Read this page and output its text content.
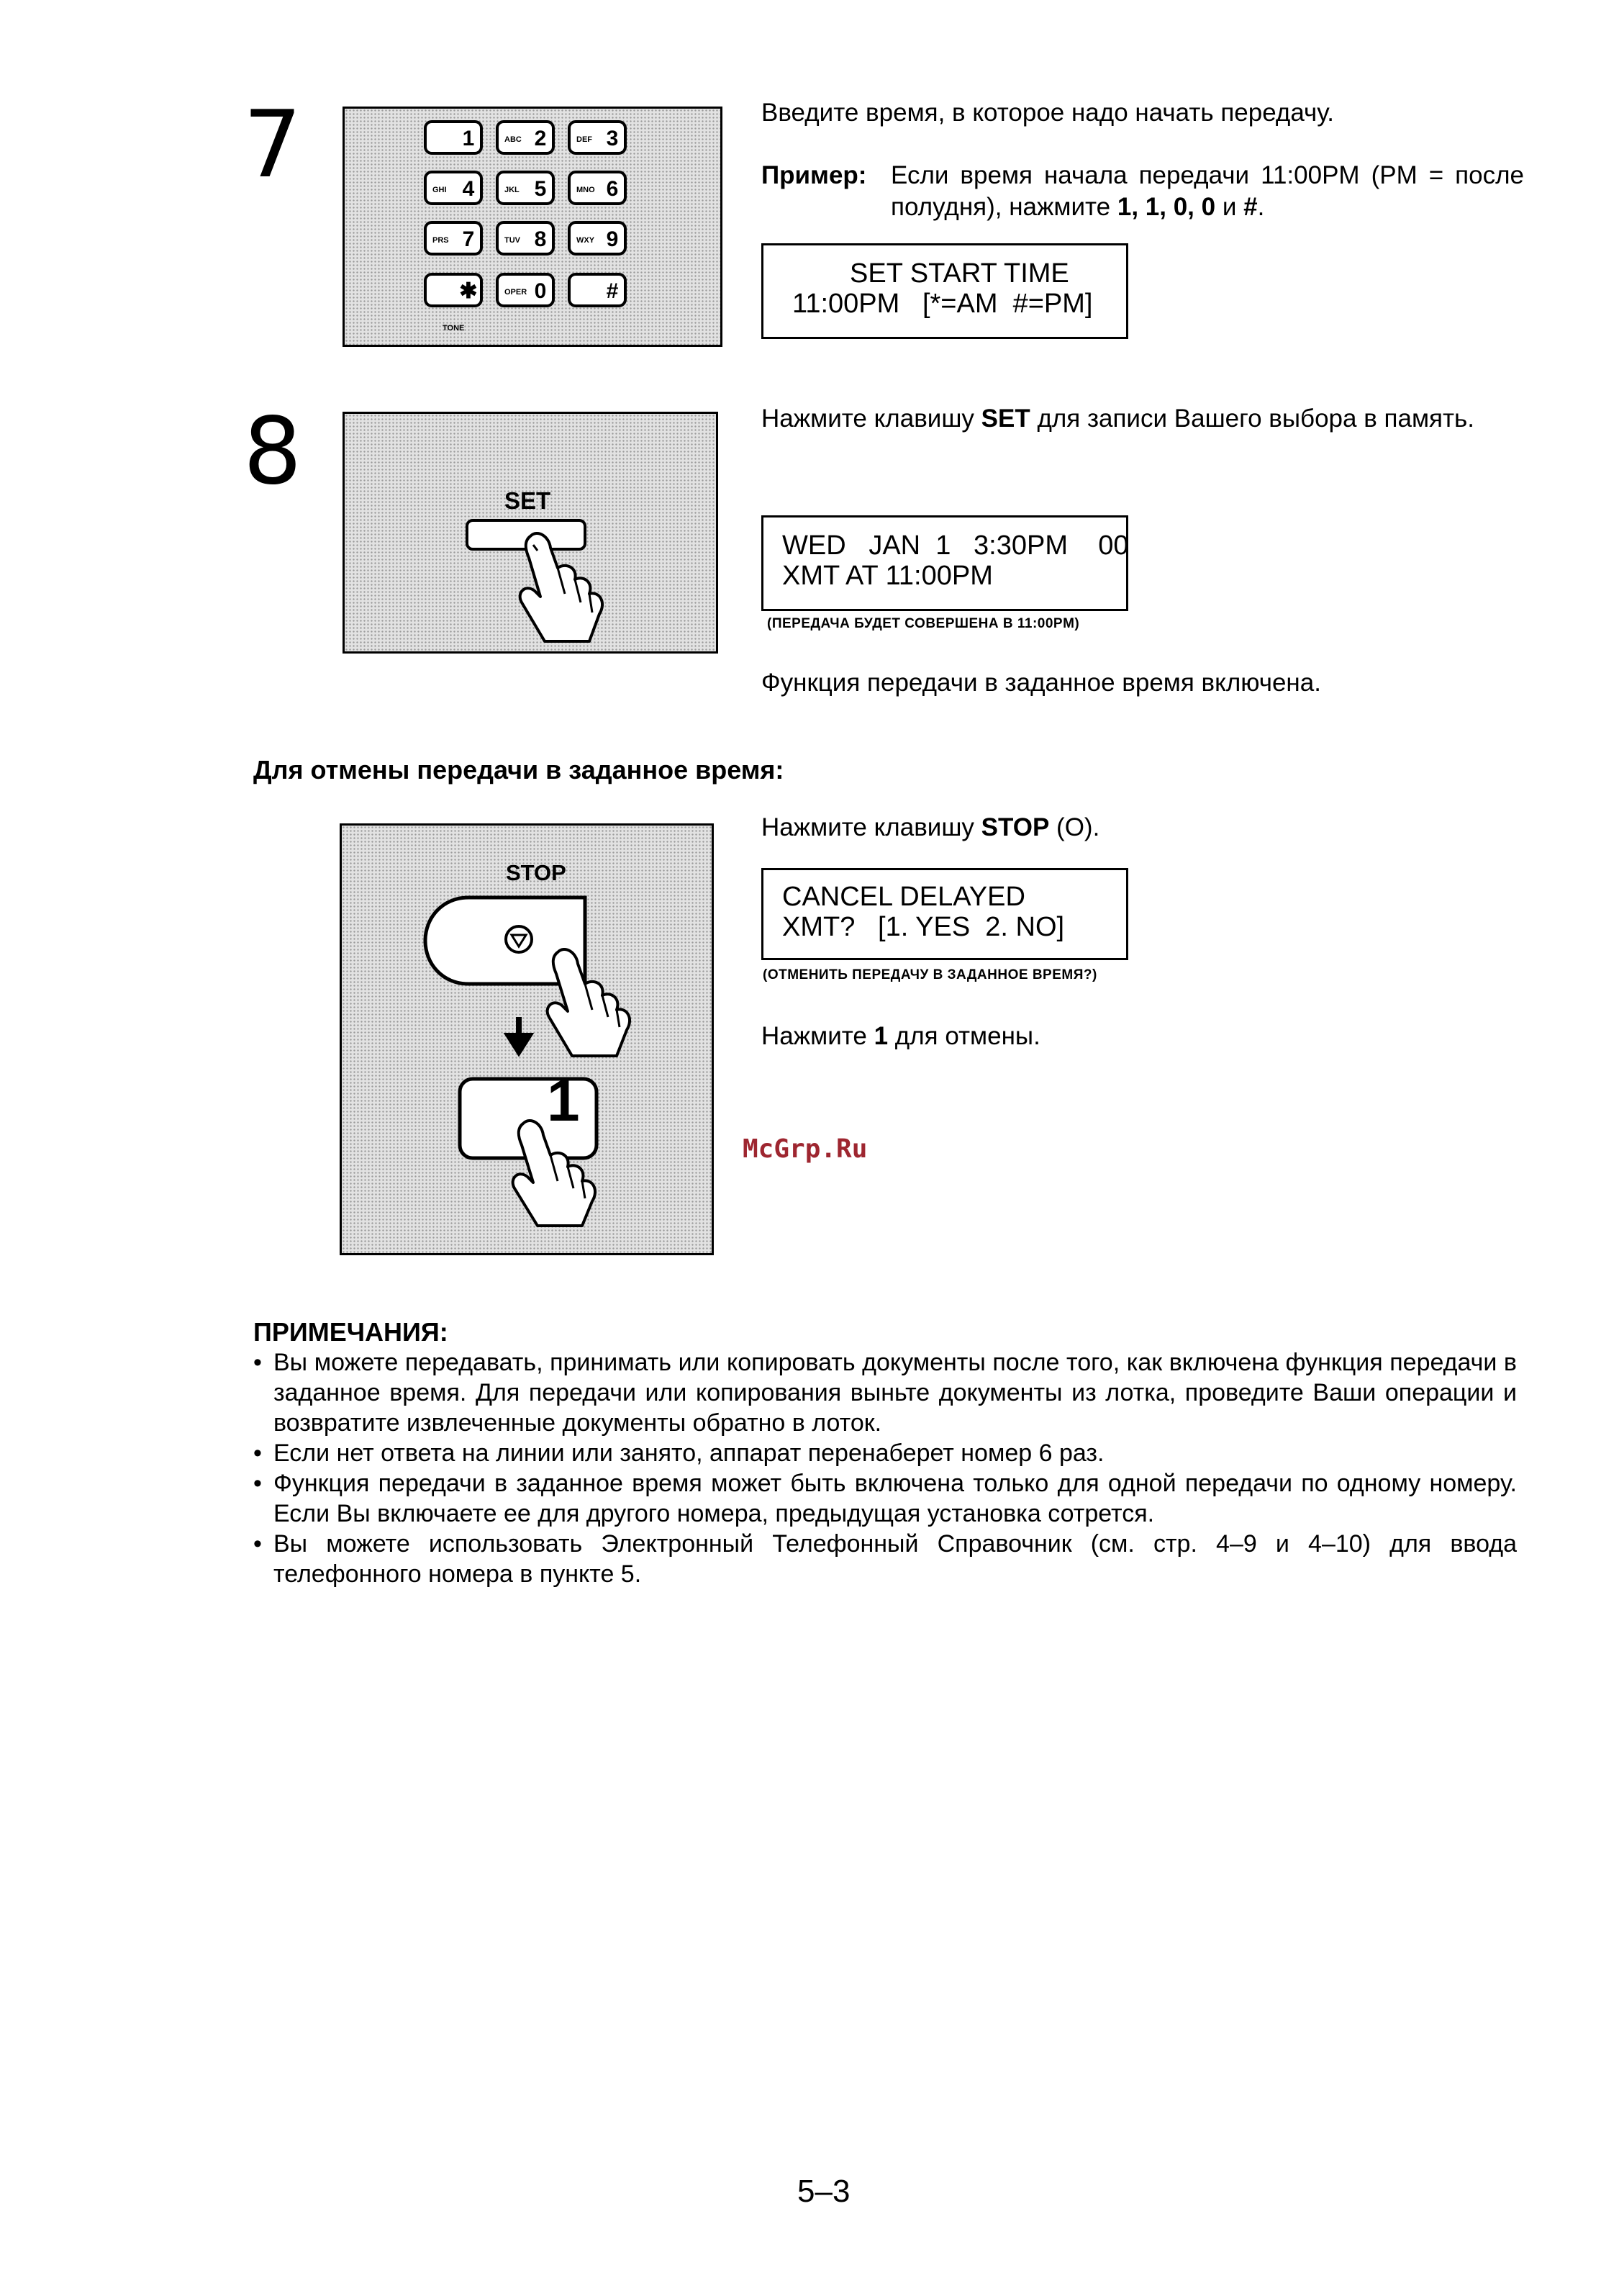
7	1	ABC 2	DEF 3
GHI 4	JKL 5	MNO 6
PRS 7	TUV 8	WXY 9
✱	OPER 0	#
TONE
Введите время, в которое надо начать передачу.
Пример: Если время начала передачи 11:00PM (PM = после полудня), нажмите 1, 1, 0, 0 и #.
SET START TIME
11:00PM   [*=AM  #=PM]
8	SET
Нажмите клавишу SET для записи Вашего выбора в память.
WED   JAN  1   3:30PM    00
XMT AT 11:00PM
(ПЕРЕДАЧА БУДЕТ СОВЕРШЕНА В 11:00PM)
Функция передачи в заданное время включена.
Для отмены передачи в заданное время:
STOP
1
Нажмите клавишу STOP (О).
CANCEL DELAYED
XMT?   [1. YES  2. NO]
(ОТМЕНИТЬ ПЕРЕДАЧУ В ЗАДАННОЕ ВРЕМЯ?)
Нажмите 1 для отмены.
McGrp.Ru
ПРИМЕЧАНИЯ:
• Вы можете передавать, принимать или копировать документы после того, как включена функция передачи в заданное время. Для передачи или копирования выньте документы из лотка, проведите Ваши операции и возвратите извлеченные документы обратно в лоток.
• Если нет ответа на линии или занято, аппарат перенаберет номер 6 раз.
• Функция передачи в заданное время может быть включена только для одной передачи по одному номеру. Если Вы включаете ее для другого номера, предыдущая установка сотрется.
• Вы можете использовать Электронный Телефонный Справочник (см. стр. 4–9 и 4–10) для ввода телефонного номера в пункте 5.
5–3
